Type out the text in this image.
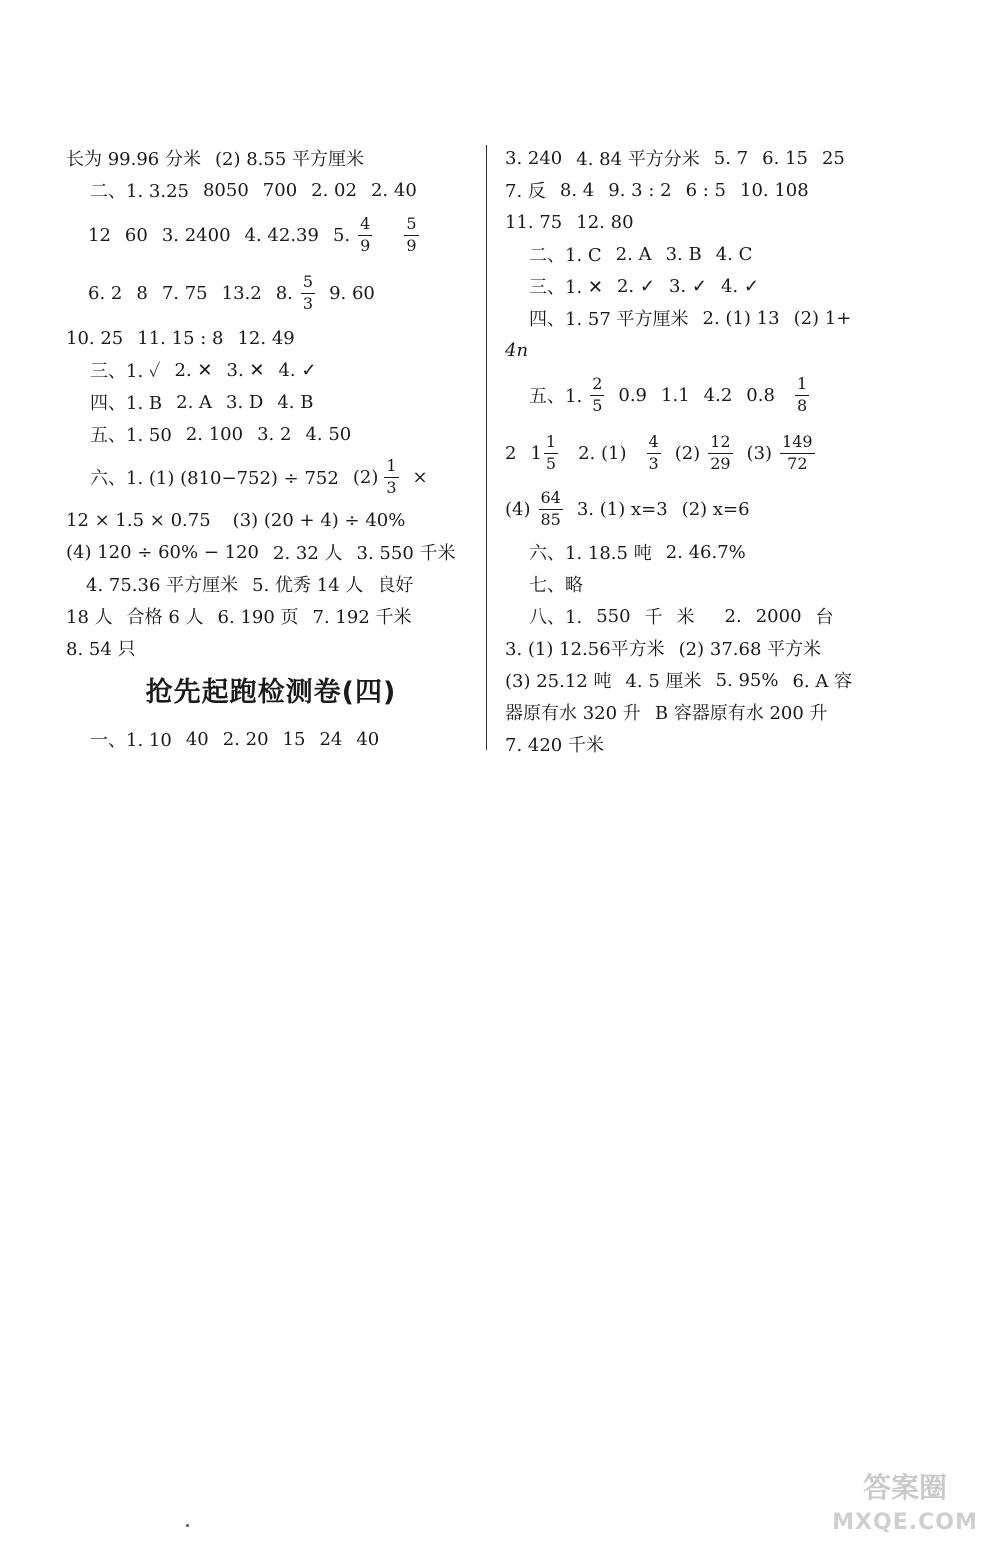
长为 99.96 分米 (2) 8.55 平方厘米
二、1. 3.25 8050 700 2. 02 2. 40
12 60 3. 2400 4. 42.39 5. $\frac{4}{9} \frac{5}{9}$
6. 2 8 7. 75 13.2 8. $\frac{5}{3} 9$. 60
10. 25 11. 15 : 8 12. 49
三、1. ✓ 2. ✕ 3. ✕ 4. ✓
四、1. B 2. A 3. D 4. B
五、1. 50 2. 100 3. 2 4. 50
六、1. (1) (810−752) ÷ 752 $(2) \frac{1}{3}$ ×
12 × 1.5 × 0.75 (3) (20 + 4) ÷ 40%
(4) 120 ÷ 60% − 120 2. 32 人 3. 550 千米
4. 75.36 平方厘米 5. 优秀 14 人 良好
18 人 合格 6 人 6. 190 页 7. 192 千米
8. 54 只
抢先起跑检测卷(四)
一、1. 10 40 2. 20 15 24 40
3. 240 4. 84 平方分米 5. 7 6. 15 25
7. 反 8. 4 9. 3 : 2 6 : 5 10. 108
11. 75 12. 80
二、1. C 2. A 3. B 4. C
三、1. ✕ 2. ✓ 3. ✓ 4. ✓
四、1. 57 平方厘米 2. (1) 13 (2) 1+
4n
五、1. $\frac{2}{5} 0.9$ 1.1 4.2 $0.8 \frac{1}{8}$
2 $1 \frac{1}{5} 2$. $(1) \frac{4}{3} (2) \frac{12}{29} (3) \frac{149}{72}$
$(4) \frac{64}{85} 3$. (1) x=3 (2) x=6
六、1. 18.5 吨 2. 46.7%
七、略
八、1. 550 千 米 2. 2000 台
3. (1) 12.56平方米 (2) 37.68 平方米
(3) 25.12 吨 4. 5 厘米 5. 95% 6. A 容
器原有水 320 升 B 容器原有水 200 升
7. 420 千米
答案圈
MXQE.COM
